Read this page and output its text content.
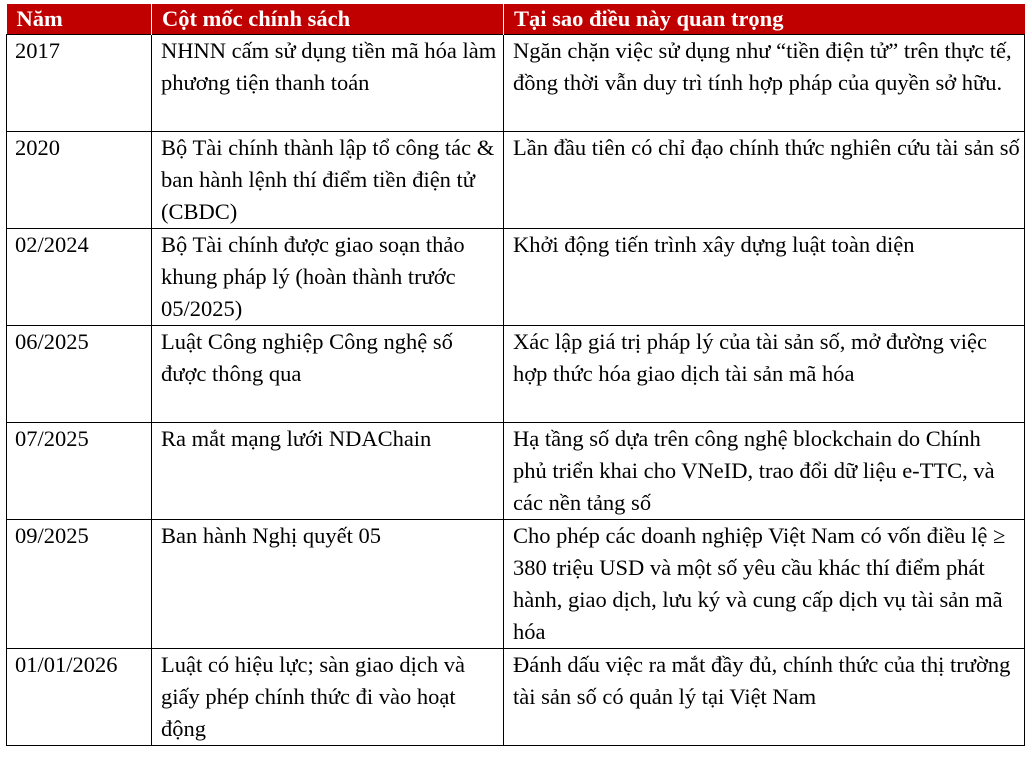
Năm	Cột mốc chính sách	Tại sao điều này quan trọng
2017	NHNN cấm sử dụng tiền mã hóa làm phương tiện thanh toán	Ngăn chặn việc sử dụng như “tiền điện tử” trên thực tế, đồng thời vẫn duy trì tính hợp pháp của quyền sở hữu.
2020	Bộ Tài chính thành lập tổ công tác & ban hành lệnh thí điểm tiền điện tử (CBDC)	Lần đầu tiên có chỉ đạo chính thức nghiên cứu tài sản số
02/2024	Bộ Tài chính được giao soạn thảo khung pháp lý (hoàn thành trước 05/2025)	Khởi động tiến trình xây dựng luật toàn diện
06/2025	Luật Công nghiệp Công nghệ số được thông qua	Xác lập giá trị pháp lý của tài sản số, mở đường việc hợp thức hóa giao dịch tài sản mã hóa
07/2025	Ra mắt mạng lưới NDAChain	Hạ tầng số dựa trên công nghệ blockchain do Chính phủ triển khai cho VNeID, trao đổi dữ liệu e-TTC, và các nền tảng số
09/2025	Ban hành Nghị quyết 05	Cho phép các doanh nghiệp Việt Nam có vốn điều lệ ≥ 380 triệu USD và một số yêu cầu khác thí điểm phát hành, giao dịch, lưu ký và cung cấp dịch vụ tài sản mã hóa
01/01/2026	Luật có hiệu lực; sàn giao dịch và giấy phép chính thức đi vào hoạt động	Đánh dấu việc ra mắt đầy đủ, chính thức của thị trường tài sản số có quản lý tại Việt Nam
